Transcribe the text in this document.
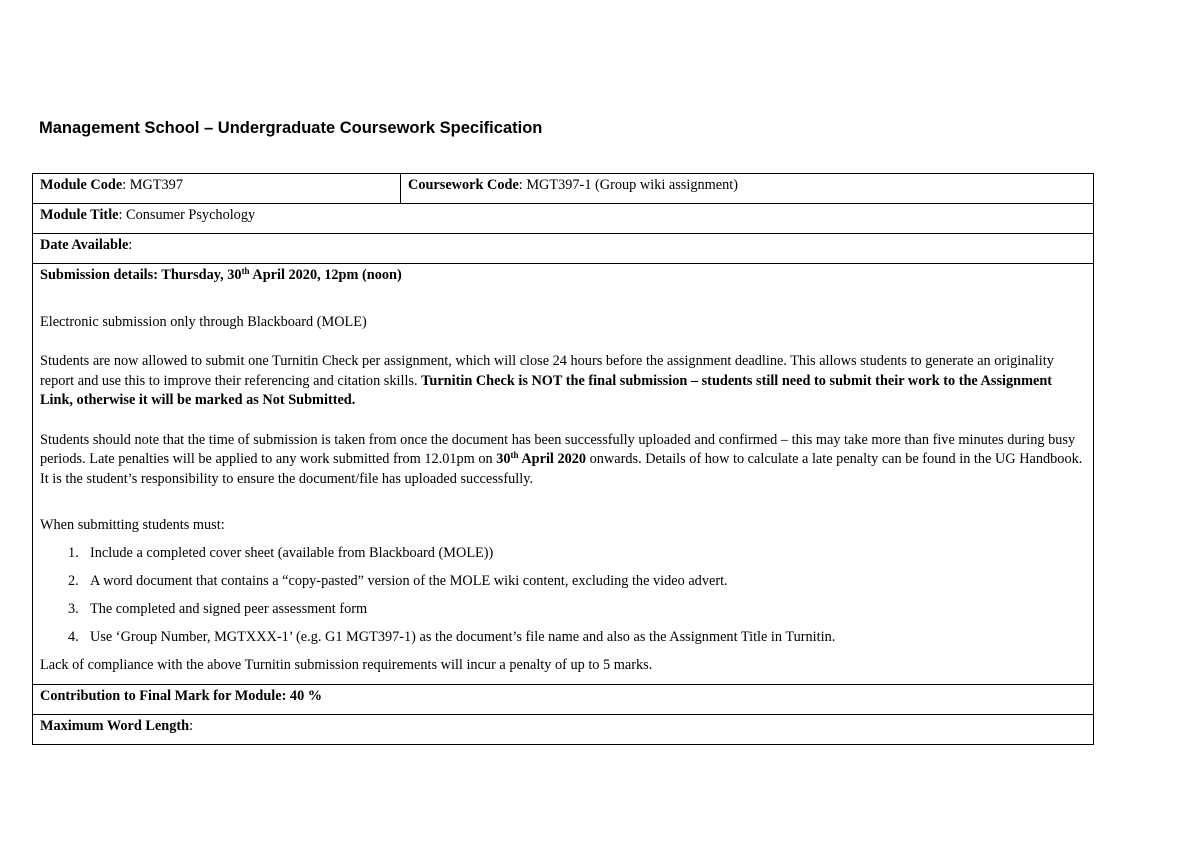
Management School – Undergraduate Coursework Specification
Module Code: MGT397	Coursework Code: MGT397-1 (Group wiki assignment)
Module Title: Consumer Psychology
Date Available:

Submission details: Thursday, 30th April 2020, 12pm (noon)

Electronic submission only through Blackboard (MOLE)

Students are now allowed to submit one Turnitin Check per assignment, which will close 24 hours before the assignment deadline. This allows students to generate an originality report and use this to improve their referencing and citation skills. Turnitin Check is NOT the final submission – students still need to submit their work to the Assignment Link, otherwise it will be marked as Not Submitted.

Students should note that the time of submission is taken from once the document has been successfully uploaded and confirmed – this may take more than five minutes during busy periods. Late penalties will be applied to any work submitted from 12.01pm on 30th April 2020 onwards. Details of how to calculate a late penalty can be found in the UG Handbook. It is the student’s responsibility to ensure the document/file has uploaded successfully.

When submitting students must:

1. Include a completed cover sheet (available from Blackboard (MOLE))
2. A word document that contains a “copy-pasted” version of the MOLE wiki content, excluding the video advert.
3. The completed and signed peer assessment form
4. Use ‘Group Number, MGTXXX-1’ (e.g. G1 MGT397-1) as the document’s file name and also as the Assignment Title in Turnitin.

Lack of compliance with the above Turnitin submission requirements will incur a penalty of up to 5 marks.

Contribution to Final Mark for Module: 40 %
Maximum Word Length:
